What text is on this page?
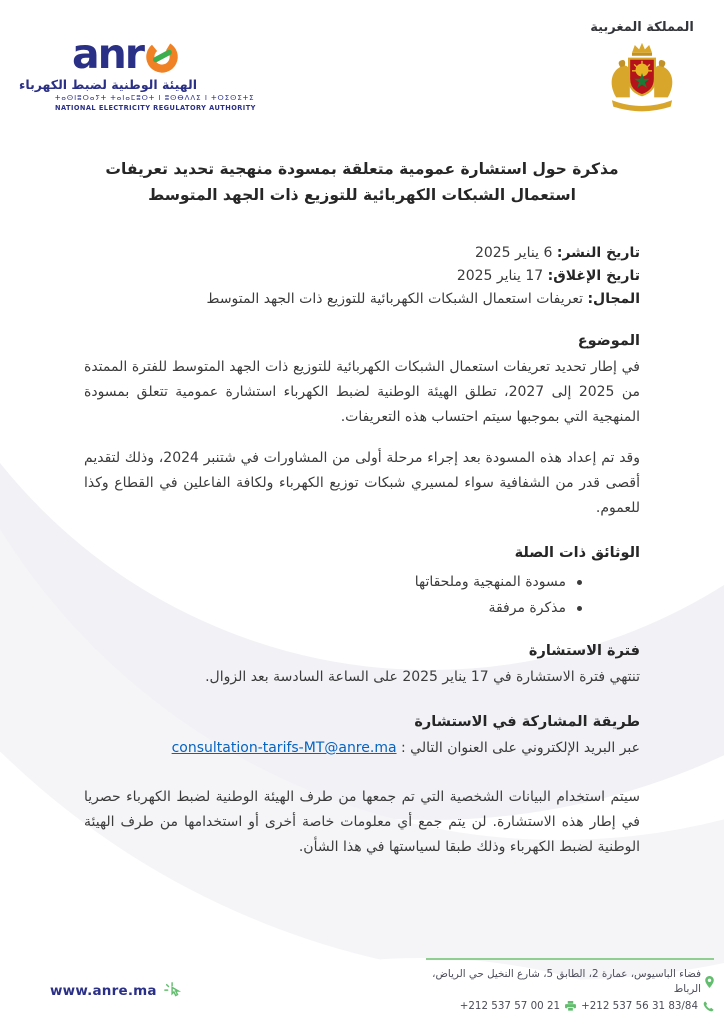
anr
الهيئة الوطنية لضبط الكهرباء
ⵜⴰⵙⵏⵓⵔⴰⵢⵜ ⵜⴰⵏⴰⵎⵓⵔⵜ ⵏ ⵓⵙⴱⴷⴷⵉ ⵏ ⵜⵔⵉⵙⵉⵜⵉ
NATIONAL ELECTRICITY REGULATORY AUTHORITY
المملكة المغربية
مذكرة حول استشارة عمومية متعلقة بمسودة منهجية تحديد تعريفات استعمال الشبكات الكهربائية للتوزيع ذات الجهد المتوسط
تاريخ النشر: 6 يناير 2025
تاريخ الإغلاق: 17 يناير 2025
المجال: تعريفات استعمال الشبكات الكهربائية للتوزيع ذات الجهد المتوسط
الموضوع
في إطار تحديد تعريفات استعمال الشبكات الكهربائية للتوزيع ذات الجهد المتوسط للفترة الممتدة من 2025 إلى 2027، تطلق الهيئة الوطنية لضبط الكهرباء استشارة عمومية تتعلق بمسودة المنهجية التي بموجبها سيتم احتساب هذه التعريفات.
وقد تم إعداد هذه المسودة بعد إجراء مرحلة أولى من المشاورات في شتنبر 2024، وذلك لتقديم أقصى قدر من الشفافية سواء لمسيري شبكات توزيع الكهرباء ولكافة الفاعلين في القطاع وكذا للعموم.
الوثائق ذات الصلة
مسودة المنهجية وملحقاتها
مذكرة مرفقة
فترة الاستشارة
تنتهي فترة الاستشارة في 17 يناير 2025 على الساعة السادسة بعد الزوال.
طريقة المشاركة في الاستشارة
عبر البريد الإلكتروني على العنوان التالي : consultation-tarifs-MT@anre.ma
سيتم استخدام البيانات الشخصية التي تم جمعها من طرف الهيئة الوطنية لضبط الكهرباء حصريا في إطار هذه الاستشارة. لن يتم جمع أي معلومات خاصة أخرى أو استخدامها من طرف الهيئة الوطنية لضبط الكهرباء وذلك طبقا لسياستها في هذا الشأن.
www.anre.ma
فضاء الباسيوس، عمارة 2، الطابق 5، شارع النخيل حي الرياض، الرباط
+212 537 57 00 21 +212 537 56 31 83/84
